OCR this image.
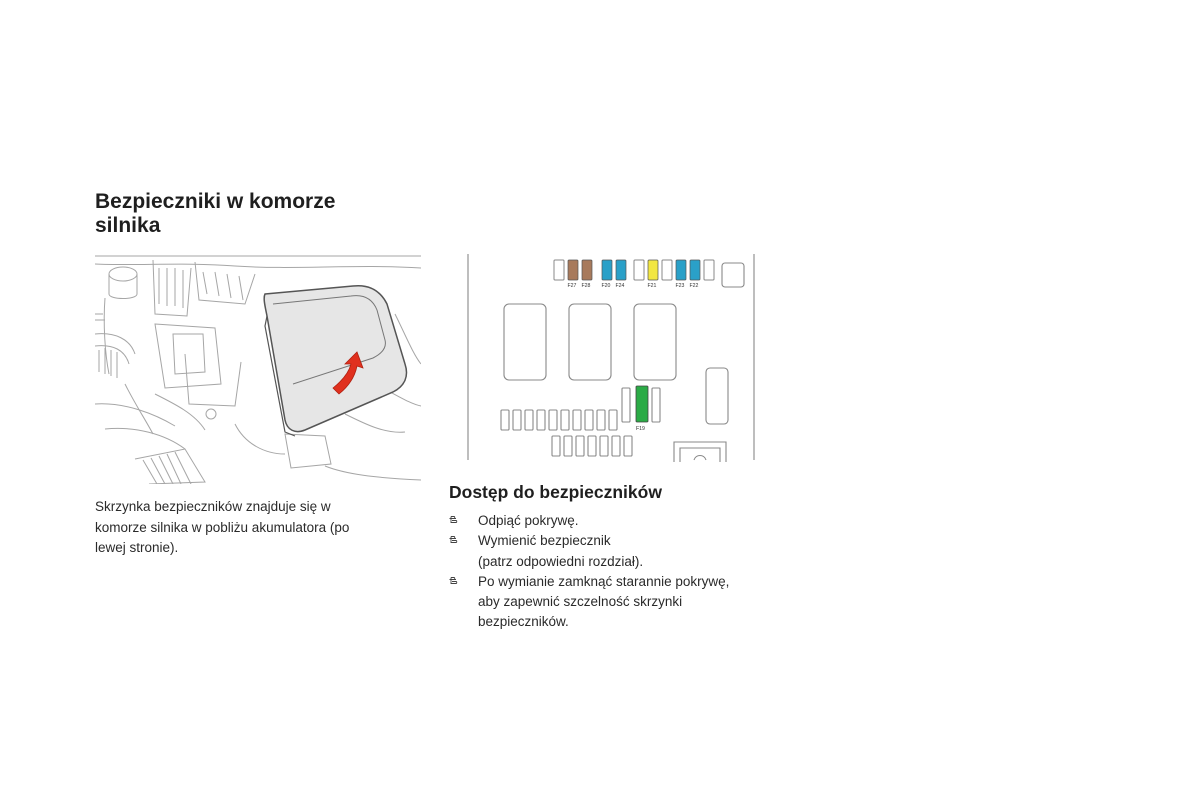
Bezpieczniki w komorze
silnika
F27 F28 F20 F24	F21	F23 F22
F19

Skrzynka bezpieczników znajduje się w
komorze silnika w pobliżu akumulatora (po
lewej stronie).

Dostęp do bezpieczników
Odpiąć pokrywę.
Wymienić bezpiecznik
(patrz odpowiedni rozdział).
Po wymianie zamknąć starannie pokrywę,
aby zapewnić szczelność skrzynki
bezpieczników.
